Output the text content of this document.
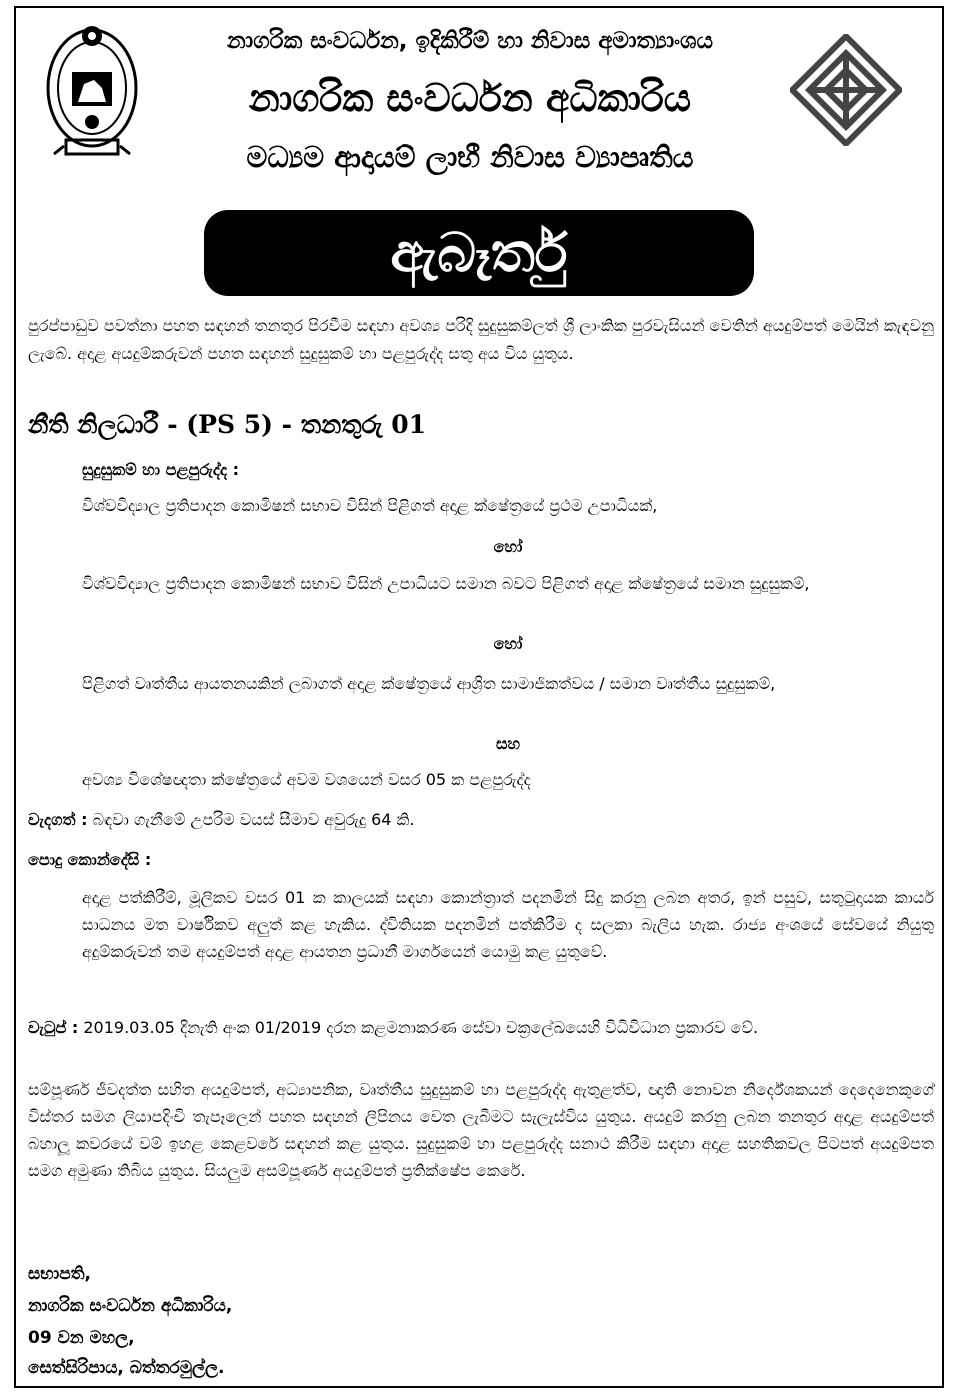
නාගරික සංවර්ධන, ඉදිකිරීම් හා නිවාස අමාත්‍යාංශය
නාගරික සංවර්ධන අධිකාරිය
මධ්‍යම ආදායම් ලාභී නිවාස ව්‍යාපෘතිය
ඇබෑර්තු
පුරප්පාඩුව පවත්නා පහත සඳහන් තනතුර පිරවීම සඳහා අවශ්‍ය පරිදි සුදුසුකම්ලත් ශ්‍රී ලාංකික පුරවැසියන් වෙතින් අයදුම්පත් මෙයින් කැඳවනු ලැබේ. අදාළ අයදුම්කරුවන් පහත සඳහන් සුදුසුකම් හා පළපුරුද්ද සතු අය විය යුතුය.
නීති නිලධාරී - (PS 5) - තනතුරු 01
සුදුසුකම් හා පළපුරුද්ද :
විශ්වවිද්‍යාල ප්‍රතිපාදන කොමිෂන් සභාව විසින් පිළිගත් අදාළ ක්ෂේත්‍රයේ ප්‍රථම උපාධියක්,
හෝ
විශ්වවිද්‍යාල ප්‍රතිපාදන කොමිෂන් සභාව විසින් උපාධියට සමාන බවට පිළිගත් අදාළ ක්ෂේත්‍රයේ සමාන සුදුසුකම්,
හෝ
පිළිගත් වෘත්තීය ආයතනයකින් ලබාගත් අදාළ ක්ෂේත්‍රයේ ආශ්‍රිත සාමාජිකත්වය / සමාන වෘත්තීය සුදුසුකම්,
සහ
අවශ්‍ය විශේෂඥතා ක්ෂේත්‍රයේ අවම වශයෙන් වසර 05 ක පළපුරුද්ද
වැදගත් : බඳවා ගැනීමේ උපරිම වයස් සීමාව අවුරුදු 64 කි.
පොදු කොන්දේසි :
අදාළ පත්කිරීම්, මූලිකව වසර 01 ක කාලයක් සඳහා කොන්ත්‍රාත් පදනමින් සිදු කරනු ලබන අතර, ඉන් පසුව, සතුටුදායක කාර්ය සාධනය මත වාර්ෂිකව අලුත් කළ හැකිය. ද්විතියක පදනමින් පත්කිරීම ද සලකා බැලිය හැක. රාජ්‍ය අංශයේ සේවයේ නියුතු අදුම්කරුවන් තම අයදුම්පත් අදාළ ආයතන ප්‍රධානී මාර්ගයෙන් යොමු කළ යුතුවේ.
වැටුප් : 2019.03.05 දිනැති අංක 01/2019 දරන කළමනාකරණ සේවා චක්‍රලේඛයෙහි විධිවිධාන ප්‍රකාරව වේ.
සම්පූර්ණ ජීවදත්ත සහිත අයදුම්පත්, අධ්‍යාපනික, වෘත්තීය සුදුසුකම් හා පළපුරුද්ද ඇතුළත්ව, ඥාති නොවන නිර්දේශකයන් දෙදෙනෙකුගේ විස්තර සමග ලියාපදිංචි තැපෑලෙන් පහත සඳහන් ලිපිනය වෙත ලැබීමට සැලැස්විය යුතුය. අයදුම් කරනු ලබන තනතුර අදාළ අයදුම්පත් බහාලූ කවරයේ වම් ඉහළ කෙළවරේ සඳහන් කළ යුතුය. සුදුසුකම් හා පළපුරුද්ද සනාථ කිරීම සඳහා අදාළ සහතිකවල පිටපත් අයදුම්පත සමග අමුණා තිබිය යුතුය. සියලුම අසම්පූර්ණ අයදුම්පත් ප්‍රතික්ෂේප කෙරේ.
සභාපති,
නාගරික සංවර්ධන අධිකාරිය,
09 වන මහල,
සෙත්සිරිපාය, බත්තරමුල්ල.
